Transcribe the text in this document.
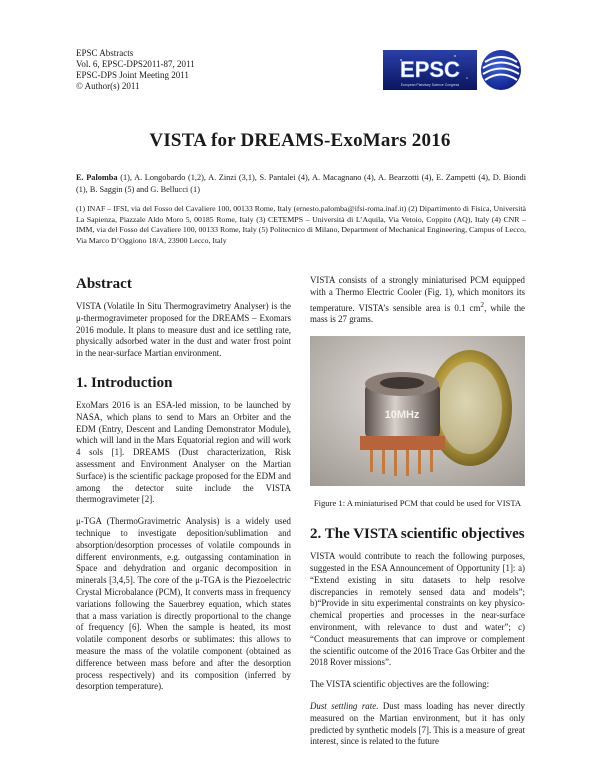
EPSC Abstracts
Vol. 6, EPSC-DPS2011-87, 2011
EPSC-DPS Joint Meeting 2011
© Author(s) 2011
EPSC
European Planetary Science Congress
VISTA for DREAMS-ExoMars 2016
E. Palomba (1), A. Longobardo (1,2), A. Zinzi (3,1), S. Pantalei (4), A. Macagnano (4), A. Bearzotti (4), E. Zampetti (4), D. Biondi (1), B. Saggin (5) and G. Bellucci (1)
(1) INAF – IFSI, via del Fosso del Cavaliere 100, 00133 Rome, Italy (ernesto.palomba@ifsi-roma.inaf.it) (2) Dipartimento di Fisica, Università La Sapienza, Piazzale Aldo Moro 5, 00185 Rome, Italy (3) CETEMPS – Università di L’Aquila, Via Vetoio, Coppito (AQ), Italy (4) CNR – IMM, via del Fosso del Cavaliere 100, 00133 Rome, Italy (5) Politecnico di Milano, Department of Mechanical Engineering, Campus of Lecco, Via Marco D’Oggiono 18/A, 23900 Lecco, Italy
Abstract

VISTA (Volatile In Situ Thermogravimetry Analyser) is the μ-thermogravimeter proposed for the DREAMS – Exomars 2016 module. It plans to measure dust and ice settling rate, physically adsorbed water in the dust and water frost point in the near-surface Martian environment.

1. Introduction

ExoMars 2016 is an ESA-led mission, to be launched by NASA, which plans to send to Mars an Orbiter and the EDM (Entry, Descent and Landing Demonstrator Module), which will land in the Mars Equatorial region and will work 4 sols [1]. DREAMS (Dust characterization, Risk assessment and Environment Analyser on the Martian Surface) is the scientific package proposed for the EDM and among the detector suite include the VISTA thermogravimeter [2].

μ-TGA (ThermoGravimetric Analysis) is a widely used technique to investigate deposition/sublimation and absorption/desorption processes of volatile compounds in different environments, e.g. outgassing contamination in Space and dehydration and organic decomposition in minerals [3,4,5]. The core of the μ-TGA is the Piezoelectric Crystal Microbalance (PCM), It converts mass in frequency variations following the Sauerbrey equation, which states that a mass variation is directly proportional to the change of frequency [6]. When the sample is heated, its most volatile component desorbs or sublimates: this allows to measure the mass of the volatile component (obtained as difference between mass before and after the desorption process respectively) and its composition (inferred by desorption temperature).

VISTA consists of a strongly miniaturised PCM equipped with a Thermo Electric Cooler (Fig. 1), which monitors its temperature. VISTA’s sensible area is 0.1 $cm^2$, while the mass is 27 grams.

10MHz
Figure 1: A miniaturised PCM that could be used for VISTA
2. The VISTA scientific objectives

VISTA would contribute to reach the following purposes, suggested in the ESA Announcement of Opportunity [1]: a) “Extend existing in situ datasets to help resolve discrepancies in remotely sensed data and models”; b)“Provide in situ experimental constraints on key physico-chemical properties and processes in the near-surface environment, with relevance to dust and water”; c) “Conduct measurements that can improve or complement the scientific outcome of the 2016 Trace Gas Orbiter and the 2018 Rover missions”.

The VISTA scientific objectives are the following:

Dust settling rate. Dust mass loading has never directly measured on the Martian environment, but it has only predicted by synthetic models [7]. This is a measure of great interest, since is related to the future
